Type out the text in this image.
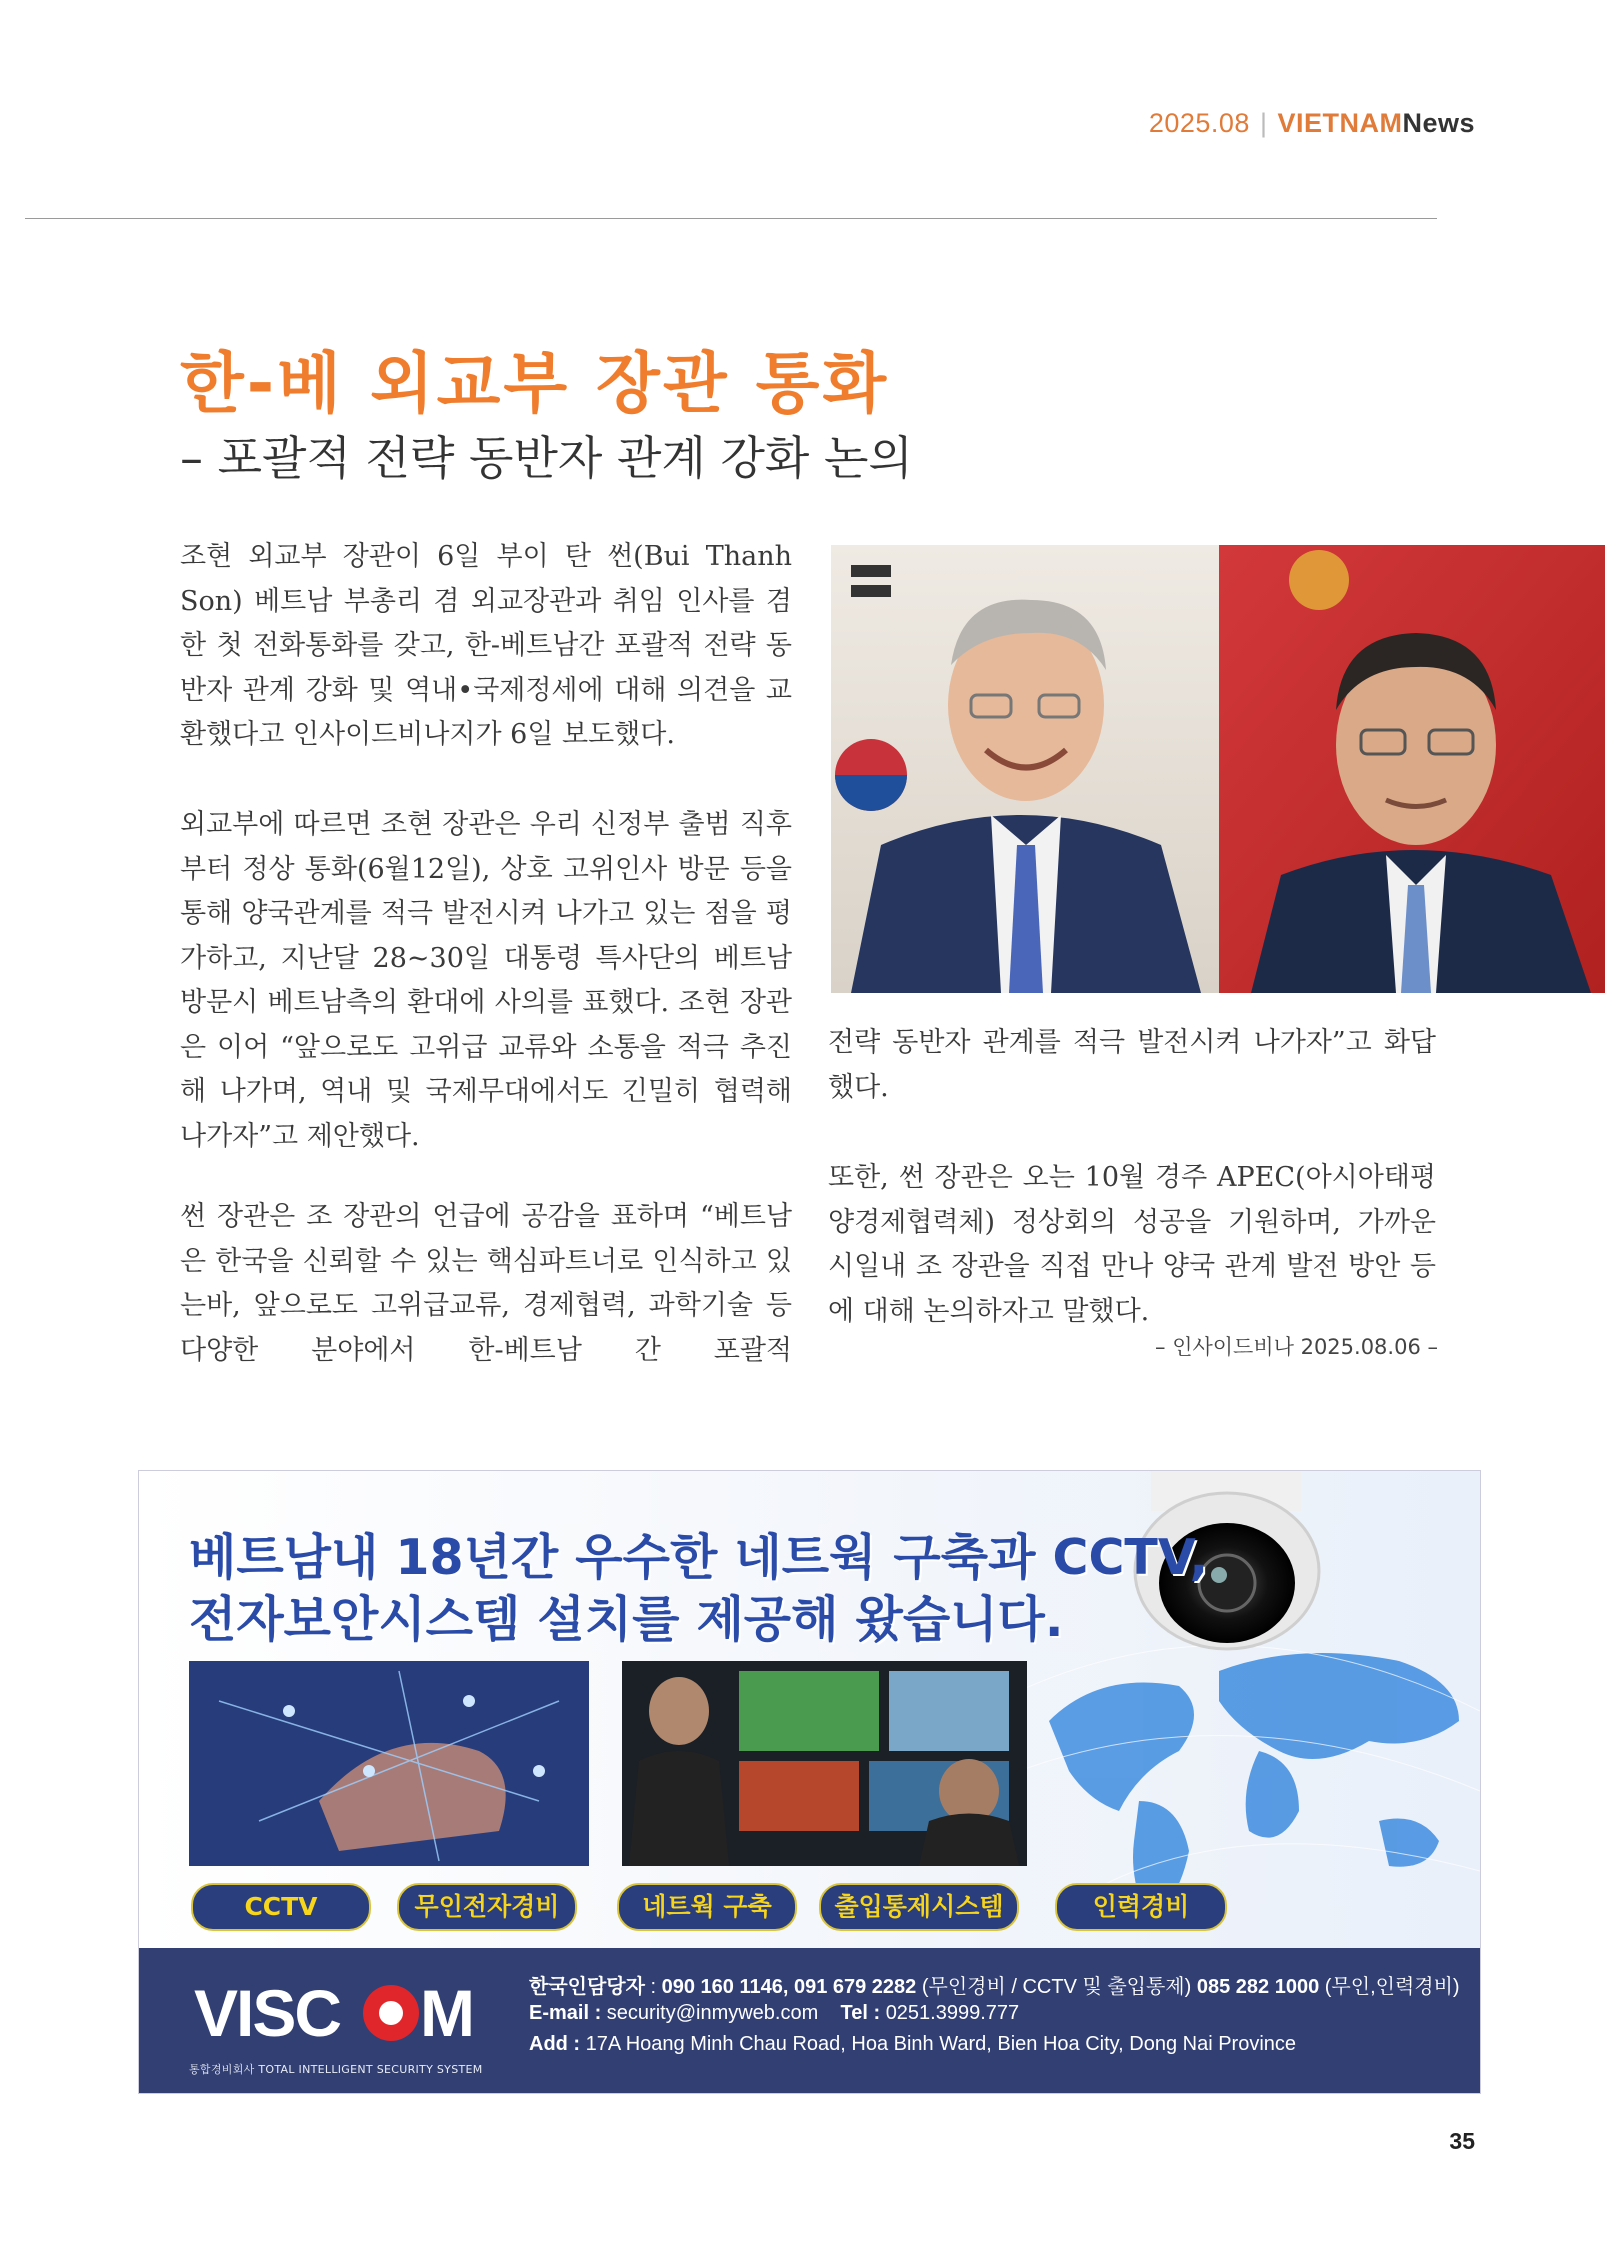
2025.08 | VIETNAMNews
한-베 외교부 장관 통화
– 포괄적 전략 동반자 관계 강화 논의
조현 외교부 장관이 6일 부이 탄 썬(Bui Thanh Son) 베트남 부총리 겸 외교장관과 취임 인사를 겸한 첫 전화통화를 갖고, 한-베트남간 포괄적 전략 동반자 관계 강화 및 역내•국제정세에 대해 의견을 교환했다고 인사이드비나지가 6일 보도했다.
외교부에 따르면 조현 장관은 우리 신정부 출범 직후부터 정상 통화(6월12일), 상호 고위인사 방문 등을 통해 양국관계를 적극 발전시켜 나가고 있는 점을 평가하고, 지난달 28~30일 대통령 특사단의 베트남 방문시 베트남측의 환대에 사의를 표했다. 조현 장관은 이어 “앞으로도 고위급 교류와 소통을 적극 추진해 나가며, 역내 및 국제무대에서도 긴밀히 협력해 나가자”고 제안했다.
썬 장관은 조 장관의 언급에 공감을 표하며 “베트남은 한국을 신뢰할 수 있는 핵심파트너로 인식하고 있는바, 앞으로도 고위급교류, 경제협력, 과학기술 등 다양한 분야에서 한-베트남 간 포괄적
전략 동반자 관계를 적극 발전시켜 나가자”고 화답했다.
또한, 썬 장관은 오는 10월 경주 APEC(아시아태평양경제협력체) 정상회의 성공을 기원하며, 가까운 시일내 조 장관을 직접 만나 양국 관계 발전 방안 등에 대해 논의하자고 말했다.
– 인사이드비나 2025.08.06 –
베트남내 18년간 우수한 네트웍 구축과 CCTV,
전자보안시스템 설치를 제공해 왔습니다.
CCTV	무인전자경비	네트웍 구축	출입통제시스템	인력경비
VISC M
통합경비회사 TOTAL INTELLIGENT SECURITY SYSTEM
한국인담당자 : 090 160 1146, 091 679 2282 (무인경비 / CCTV 및 출입통제) 085 282 1000 (무인,인력경비)
E-mail : security@inmyweb.com Tel : 0251.3999.777
Add : 17A Hoang Minh Chau Road, Hoa Binh Ward, Bien Hoa City, Dong Nai Province
35
